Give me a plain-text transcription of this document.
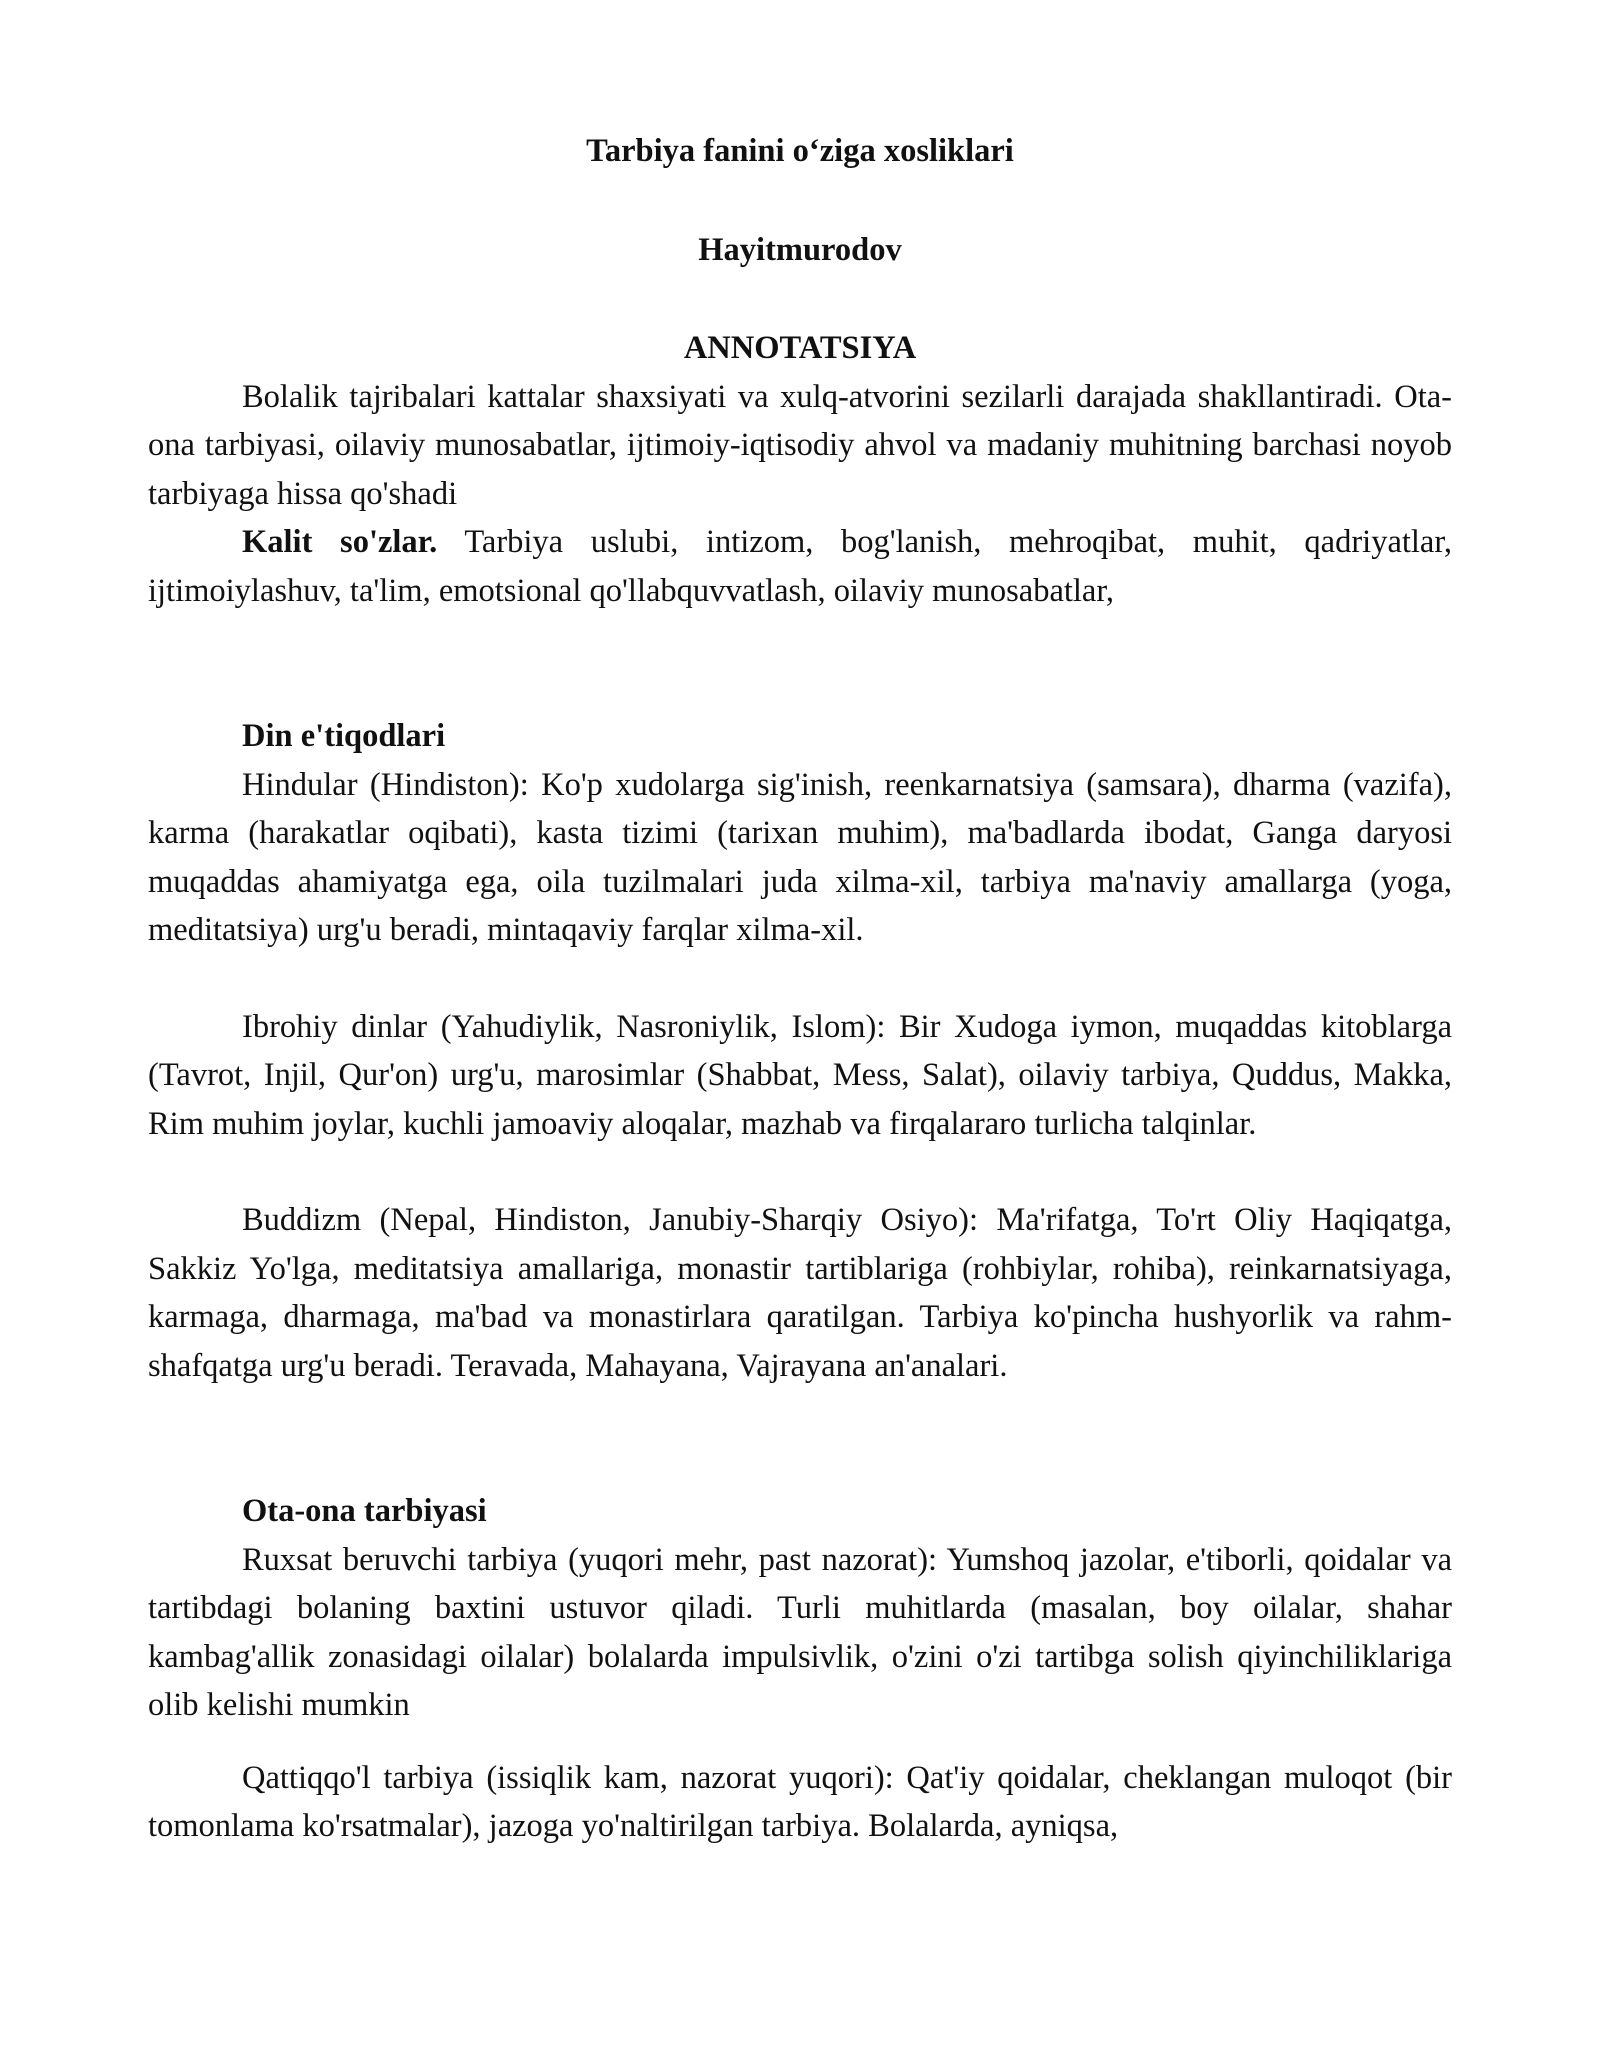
Tarbiya fanini o‘ziga xosliklari

Hayitmurodov

ANNOTATSIYA

Bolalik tajribalari kattalar shaxsiyati va xulq-atvorini sezilarli darajada shakllantiradi. Ota-ona tarbiyasi, oilaviy munosabatlar, ijtimoiy-iqtisodiy ahvol va madaniy muhitning barchasi noyob tarbiyaga hissa qo'shadi

Kalit so'zlar. Tarbiya uslubi, intizom, bog'lanish, mehroqibat, muhit, qadriyatlar, ijtimoiylashuv, ta'lim, emotsional qo'llabquvvatlash, oilaviy munosabatlar,

Din e'tiqodlari

Hindular (Hindiston): Ko'p xudolarga sig'inish, reenkarnatsiya (samsara), dharma (vazifa), karma (harakatlar oqibati), kasta tizimi (tarixan muhim), ma'badlarda ibodat, Ganga daryosi muqaddas ahamiyatga ega, oila tuzilmalari juda xilma-xil, tarbiya ma'naviy amallarga (yoga, meditatsiya) urg'u beradi, mintaqaviy farqlar xilma-xil.

Ibrohiy dinlar (Yahudiylik, Nasroniylik, Islom): Bir Xudoga iymon, muqaddas kitoblarga (Tavrot, Injil, Qur'on) urg'u, marosimlar (Shabbat, Mess, Salat), oilaviy tarbiya, Quddus, Makka, Rim muhim joylar, kuchli jamoaviy aloqalar, mazhab va firqalararo turlicha talqinlar.

Buddizm (Nepal, Hindiston, Janubiy-Sharqiy Osiyo): Ma'rifatga, To'rt Oliy Haqiqatga, Sakkiz Yo'lga, meditatsiya amallariga, monastir tartiblariga (rohbiylar, rohiba), reinkarnatsiyaga, karmaga, dharmaga, ma'bad va monastirlara qaratilgan. Tarbiya ko'pincha hushyorlik va rahm-shafqatga urg'u beradi. Teravada, Mahayana, Vajrayana an'analari.

Ota-ona tarbiyasi

Ruxsat beruvchi tarbiya (yuqori mehr, past nazorat): Yumshoq jazolar, e'tiborli, qoidalar va tartibdagi bolaning baxtini ustuvor qiladi. Turli muhitlarda (masalan, boy oilalar, shahar kambag'allik zonasidagi oilalar) bolalarda impulsivlik, o'zini o'zi tartibga solish qiyinchiliklariga olib kelishi mumkin

Qattiqqo'l tarbiya (issiqlik kam, nazorat yuqori): Qat'iy qoidalar, cheklangan muloqot (bir tomonlama ko'rsatmalar), jazoga yo'naltirilgan tarbiya. Bolalarda, ayniqsa,
